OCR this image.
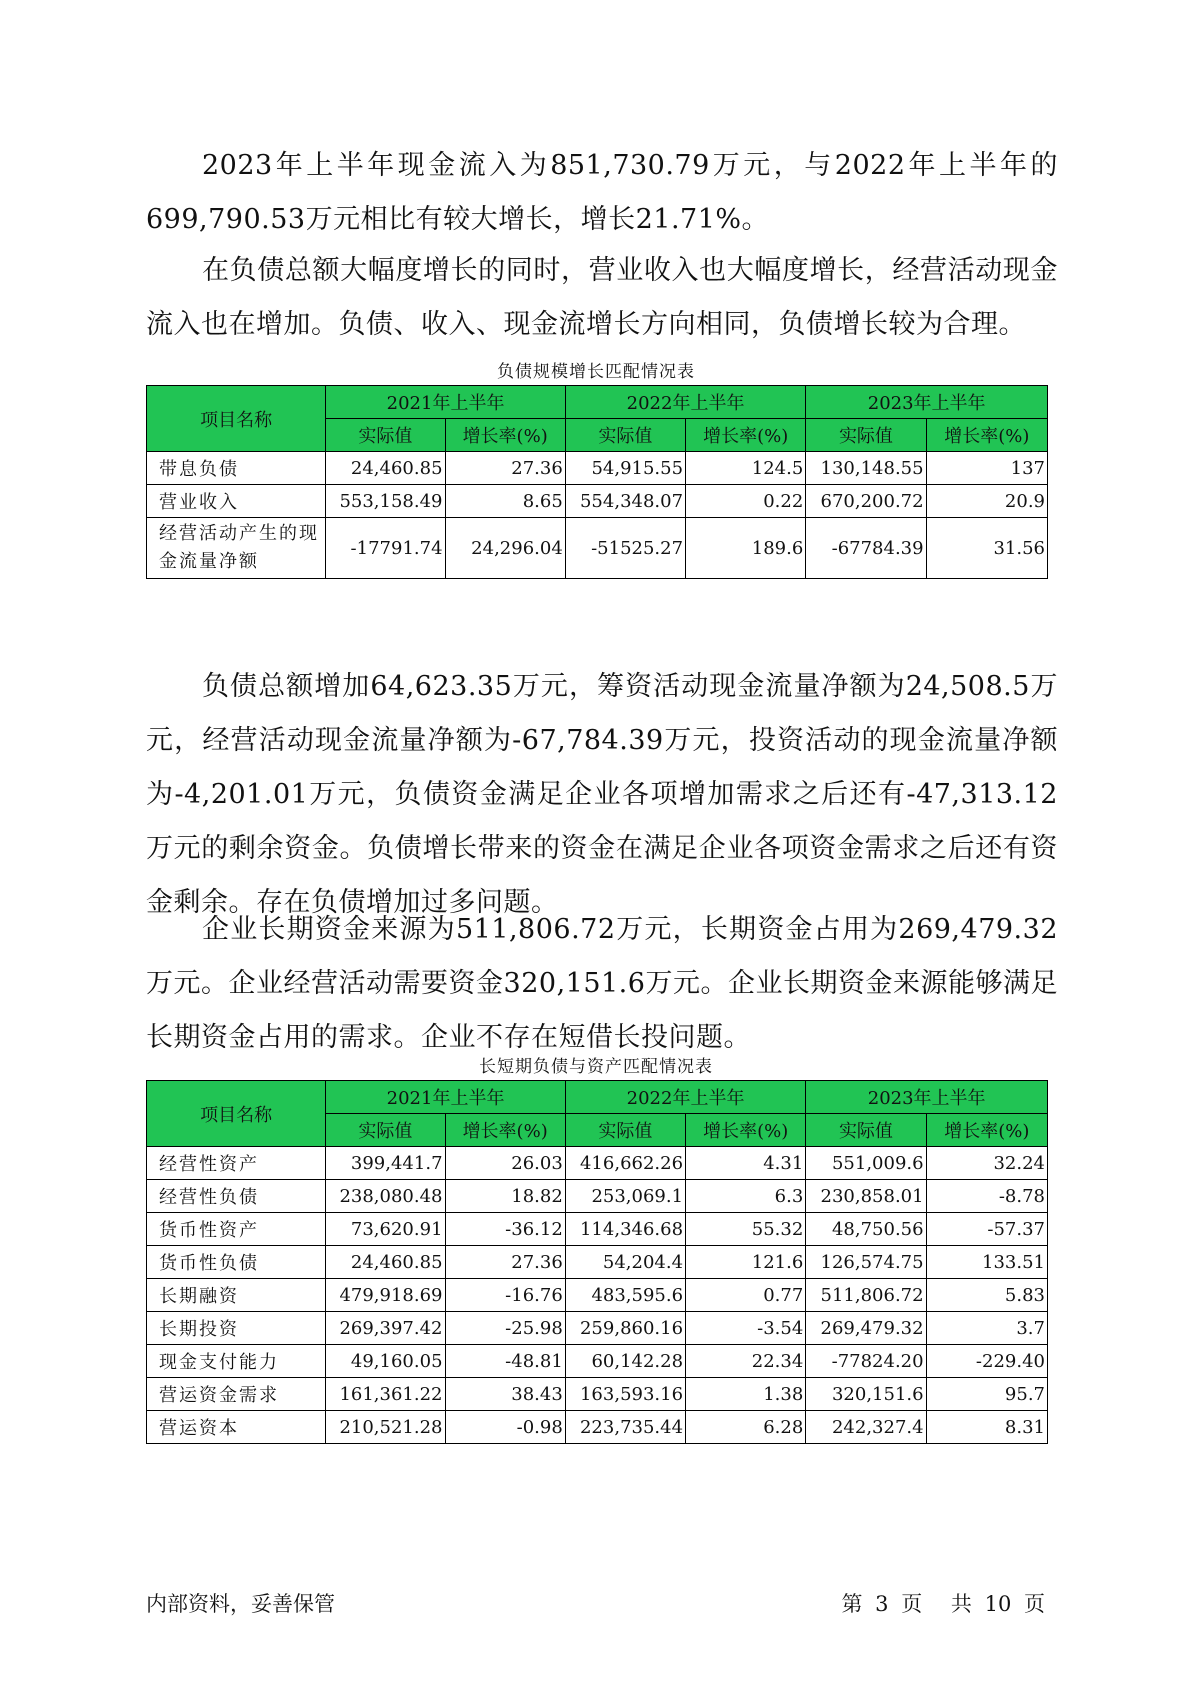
2023年上半年现金流入为851,730.79万元，与2022年上半年的699,790.53万元相比有较大增长，增长21.71%。

在负债总额大幅度增长的同时，营业收入也大幅度增长，经营活动现金流入也在增加。负债、收入、现金流增长方向相同，负债增长较为合理。

负债规模增长匹配情况表
项目名称	2021年上半年		2022年上半年		2023年上半年	
	实际值	增长率(%)	实际值	增长率(%)	实际值	增长率(%)
带息负债	24,460.85	27.36	54,915.55	124.5	130,148.55	137
营业收入	553,158.49	8.65	554,348.07	0.22	670,200.72	20.9
经营活动产生的现金流量净额	-17791.74	24,296.04	-51525.27	189.6	-67784.39	31.56

负债总额增加64,623.35万元，筹资活动现金流量净额为24,508.5万元，经营活动现金流量净额为-67,784.39万元，投资活动的现金流量净额为-4,201.01万元，负债资金满足企业各项增加需求之后还有-47,313.12万元的剩余资金。负债增长带来的资金在满足企业各项资金需求之后还有资金剩余。存在负债增加过多问题。

企业长期资金来源为511,806.72万元，长期资金占用为269,479.32万元。企业经营活动需要资金320,151.6万元。企业长期资金来源能够满足长期资金占用的需求。企业不存在短借长投问题。

长短期负债与资产匹配情况表
项目名称	2021年上半年		2022年上半年		2023年上半年	
	实际值	增长率(%)	实际值	增长率(%)	实际值	增长率(%)
经营性资产	399,441.7	26.03	416,662.26	4.31	551,009.6	32.24
经营性负债	238,080.48	18.82	253,069.1	6.3	230,858.01	-8.78
货币性资产	73,620.91	-36.12	114,346.68	55.32	48,750.56	-57.37
货币性负债	24,460.85	27.36	54,204.4	121.6	126,574.75	133.51
长期融资	479,918.69	-16.76	483,595.6	0.77	511,806.72	5.83
长期投资	269,397.42	-25.98	259,860.16	-3.54	269,479.32	3.7
现金支付能力	49,160.05	-48.81	60,142.28	22.34	-77824.20	-229.40
营运资金需求	161,361.22	38.43	163,593.16	1.38	320,151.6	95.7
营运资本	210,521.28	-0.98	223,735.44	6.28	242,327.4	8.31
内部资料，妥善保管	第 3 页 共 10 页
